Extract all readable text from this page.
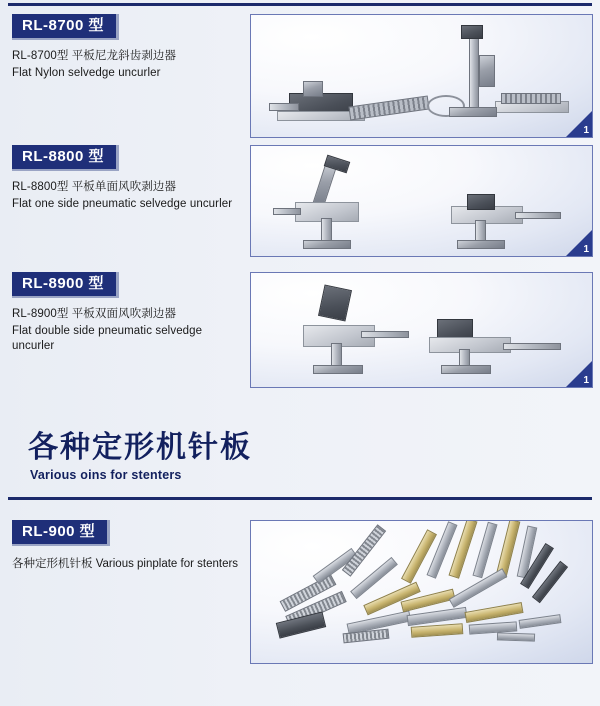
RL-8700 型
RL-8700型 平板尼龙斜齿剥边器
Flat Nylon selvedge uncurler
1
RL-8800 型
RL-8800型 平板单面风吹剥边器
Flat one side pneumatic selvedge uncurler
1
RL-8900 型
RL-8900型 平板双面风吹剥边器
Flat double side pneumatic selvedge uncurler
1
各种定形机针板
Various oins for stenters
RL-900 型
各种定形机针板 Various pinplate for stenters
